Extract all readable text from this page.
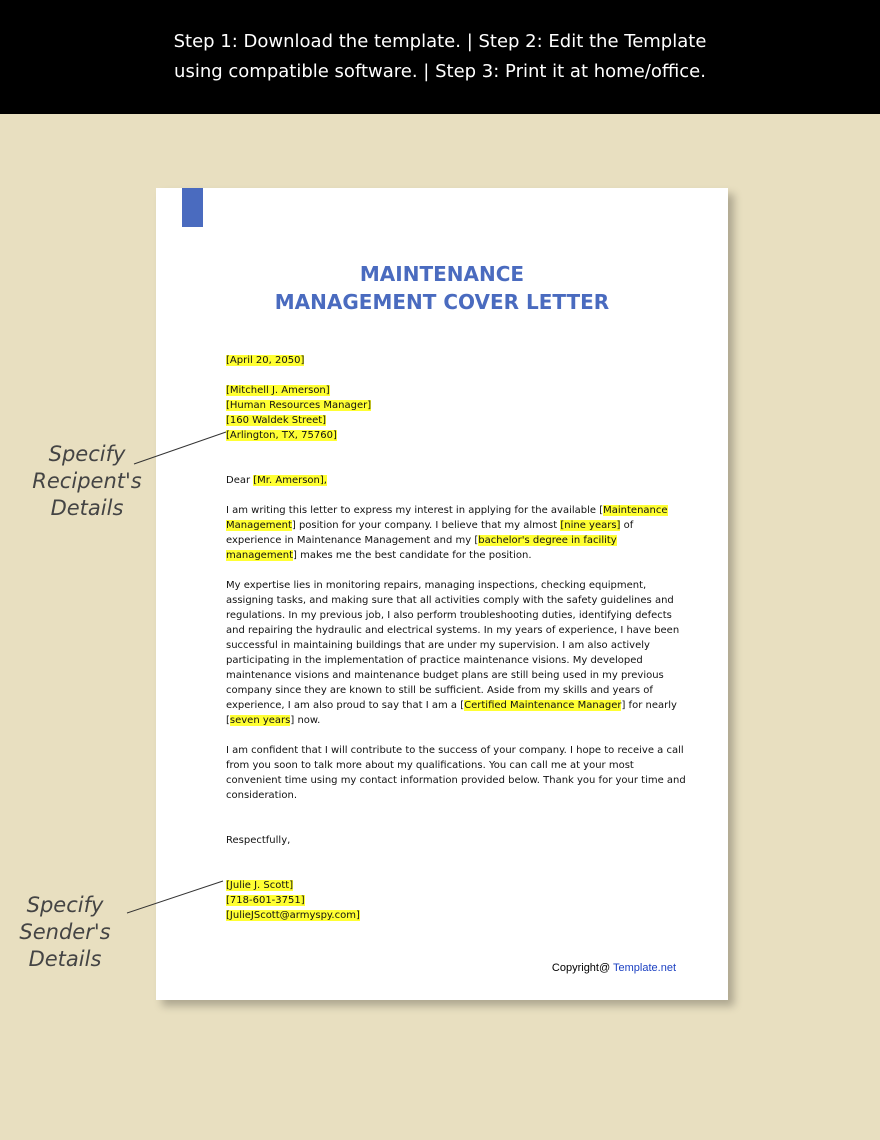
Step 1: Download the template. | Step 2: Edit the Template
using compatible software. | Step 3: Print it at home/office.
MAINTENANCE
MANAGEMENT COVER LETTER

[April 20, 2050]

[Mitchell J. Amerson]

[Human Resources Manager]

[160 Waldek Street]

[Arlington, TX, 75760]

Dear [Mr. Amerson],

I am writing this letter to express my interest in applying for the available [Maintenance Management] position for your company. I believe that my almost [nine years] of experience in Maintenance Management and my [bachelor's degree in facility management] makes me the best candidate for the position.

My expertise lies in monitoring repairs, managing inspections, checking equipment, assigning tasks, and making sure that all activities comply with the safety guidelines and regulations. In my previous job, I also perform troubleshooting duties, identifying defects and repairing the hydraulic and electrical systems. In my years of experience, I have been successful in maintaining buildings that are under my supervision. I am also actively participating in the implementation of practice maintenance visions. My developed maintenance visions and maintenance budget plans are still being used in my previous company since they are known to still be sufficient. Aside from my skills and years of experience, I am also proud to say that I am a [Certified Maintenance Manager] for nearly [seven years] now.

I am confident that I will contribute to the success of your company. I hope to receive a call from you soon to talk more about my qualifications. You can call me at your most convenient time using my contact information provided below. Thank you for your time and consideration.

Respectfully,

[Julie J. Scott]

[718-601-3751]

[JulieJScott@armyspy.com]

Copyright@ Template.net
Specify
Recipent's
Details
Specify
Sender's
Details
